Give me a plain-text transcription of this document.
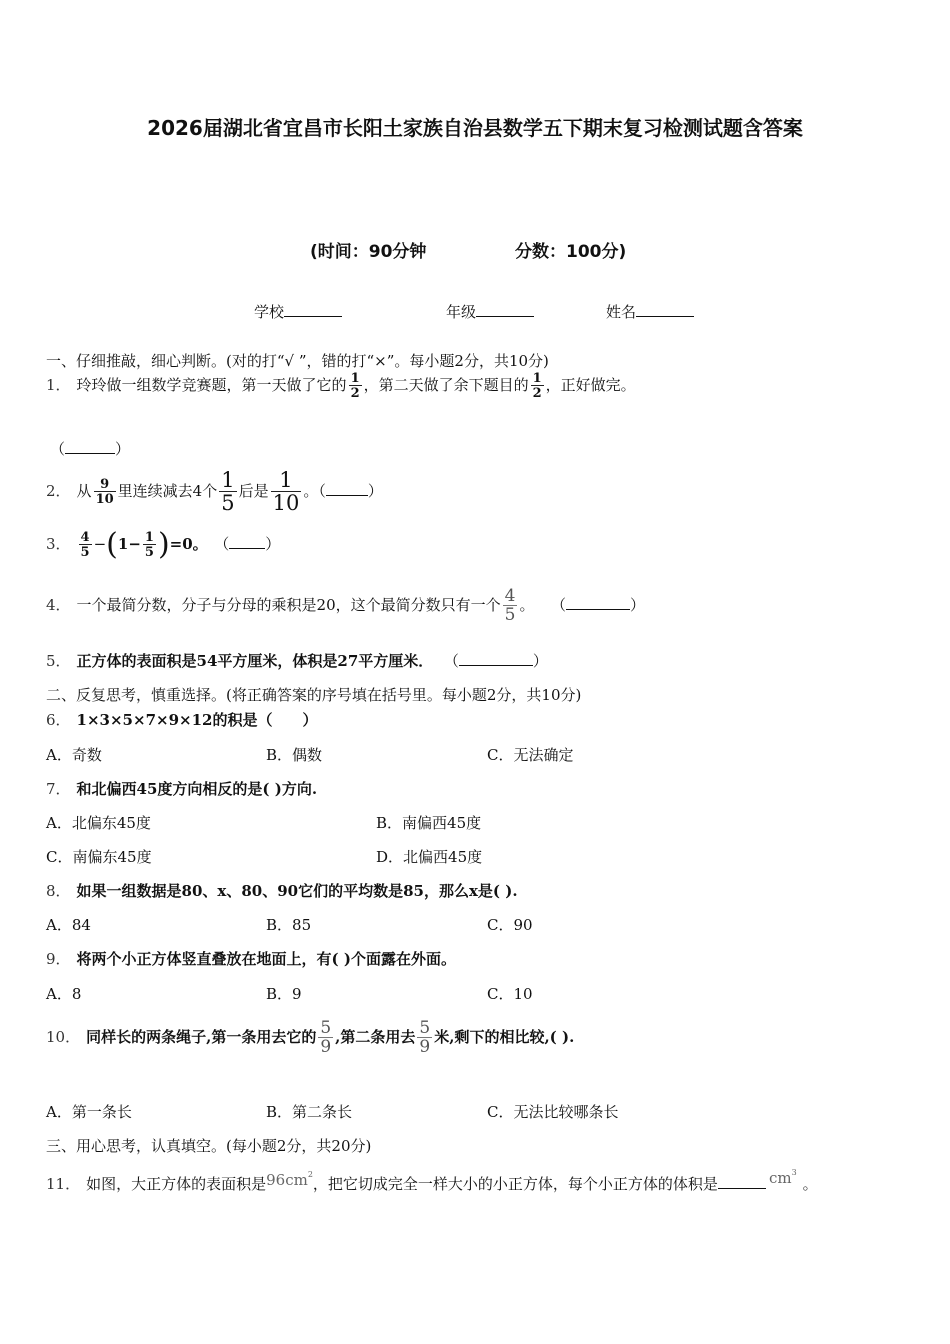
2026届湖北省宜昌市长阳土家族自治县数学五下期末复习检测试题含答案
(时间：90分钟	分数：100分)
学校	年级	姓名
一、仔细推敲，细心判断。(对的打“√ ”，错的打“×”。每小题2分，共10分)
1． 玲玲做一组数学竞赛题，第一天做了它的 $\frac{1}{2}$ ，第二天做了余下题目的 $\frac{1}{2}$ ，正好做完。
（	）
2． 从 $\frac{9}{10}$ 里连续减去4个 $\frac{1}{5}$ 后是 $\frac{1}{10}$ 。（	）
3． $\frac{4}{5} -(1- \frac{1}{5} )=0$。 （ ）
4． 一个最简分数，分子与分母的乘积是20，这个最简分数只有一个 $\frac{4}{5}$ 。 （	）
5． 正方体的表面积是54平方厘米，体积是27平方厘米． （	）
二、反复思考，慎重选择。(将正确答案的序号填在括号里。每小题2分，共10分)
6． 1×3×5×7×9×12的积是（　　）
A．奇数	B．偶数	C．无法确定
7． 和北偏西45度方向相反的是( )方向.
A．北偏东45度	B．南偏西45度
C．南偏东45度	D．北偏西45度
8． 如果一组数据是80、x、80、90它们的平均数是85，那么x是( ).
A．84	B．85	C．90
9． 将两个小正方体竖直叠放在地面上，有( )个面露在外面。
A．8	B．9	C．10
10． 同样长的两条绳子,第一条用去它的 $\frac{5}{9}$ ,第二条用去 $\frac{5}{9}$ 米,剩下的相比较,( ).
A．第一条长	B．第二条长	C．无法比较哪条长
三、用心思考，认真填空。(每小题2分，共20分)
11． 如图，大正方体的表面积是$96cm^2$，把它切成完全一样大小的小正方体，每个小正方体的体积是	$cm^3$。
